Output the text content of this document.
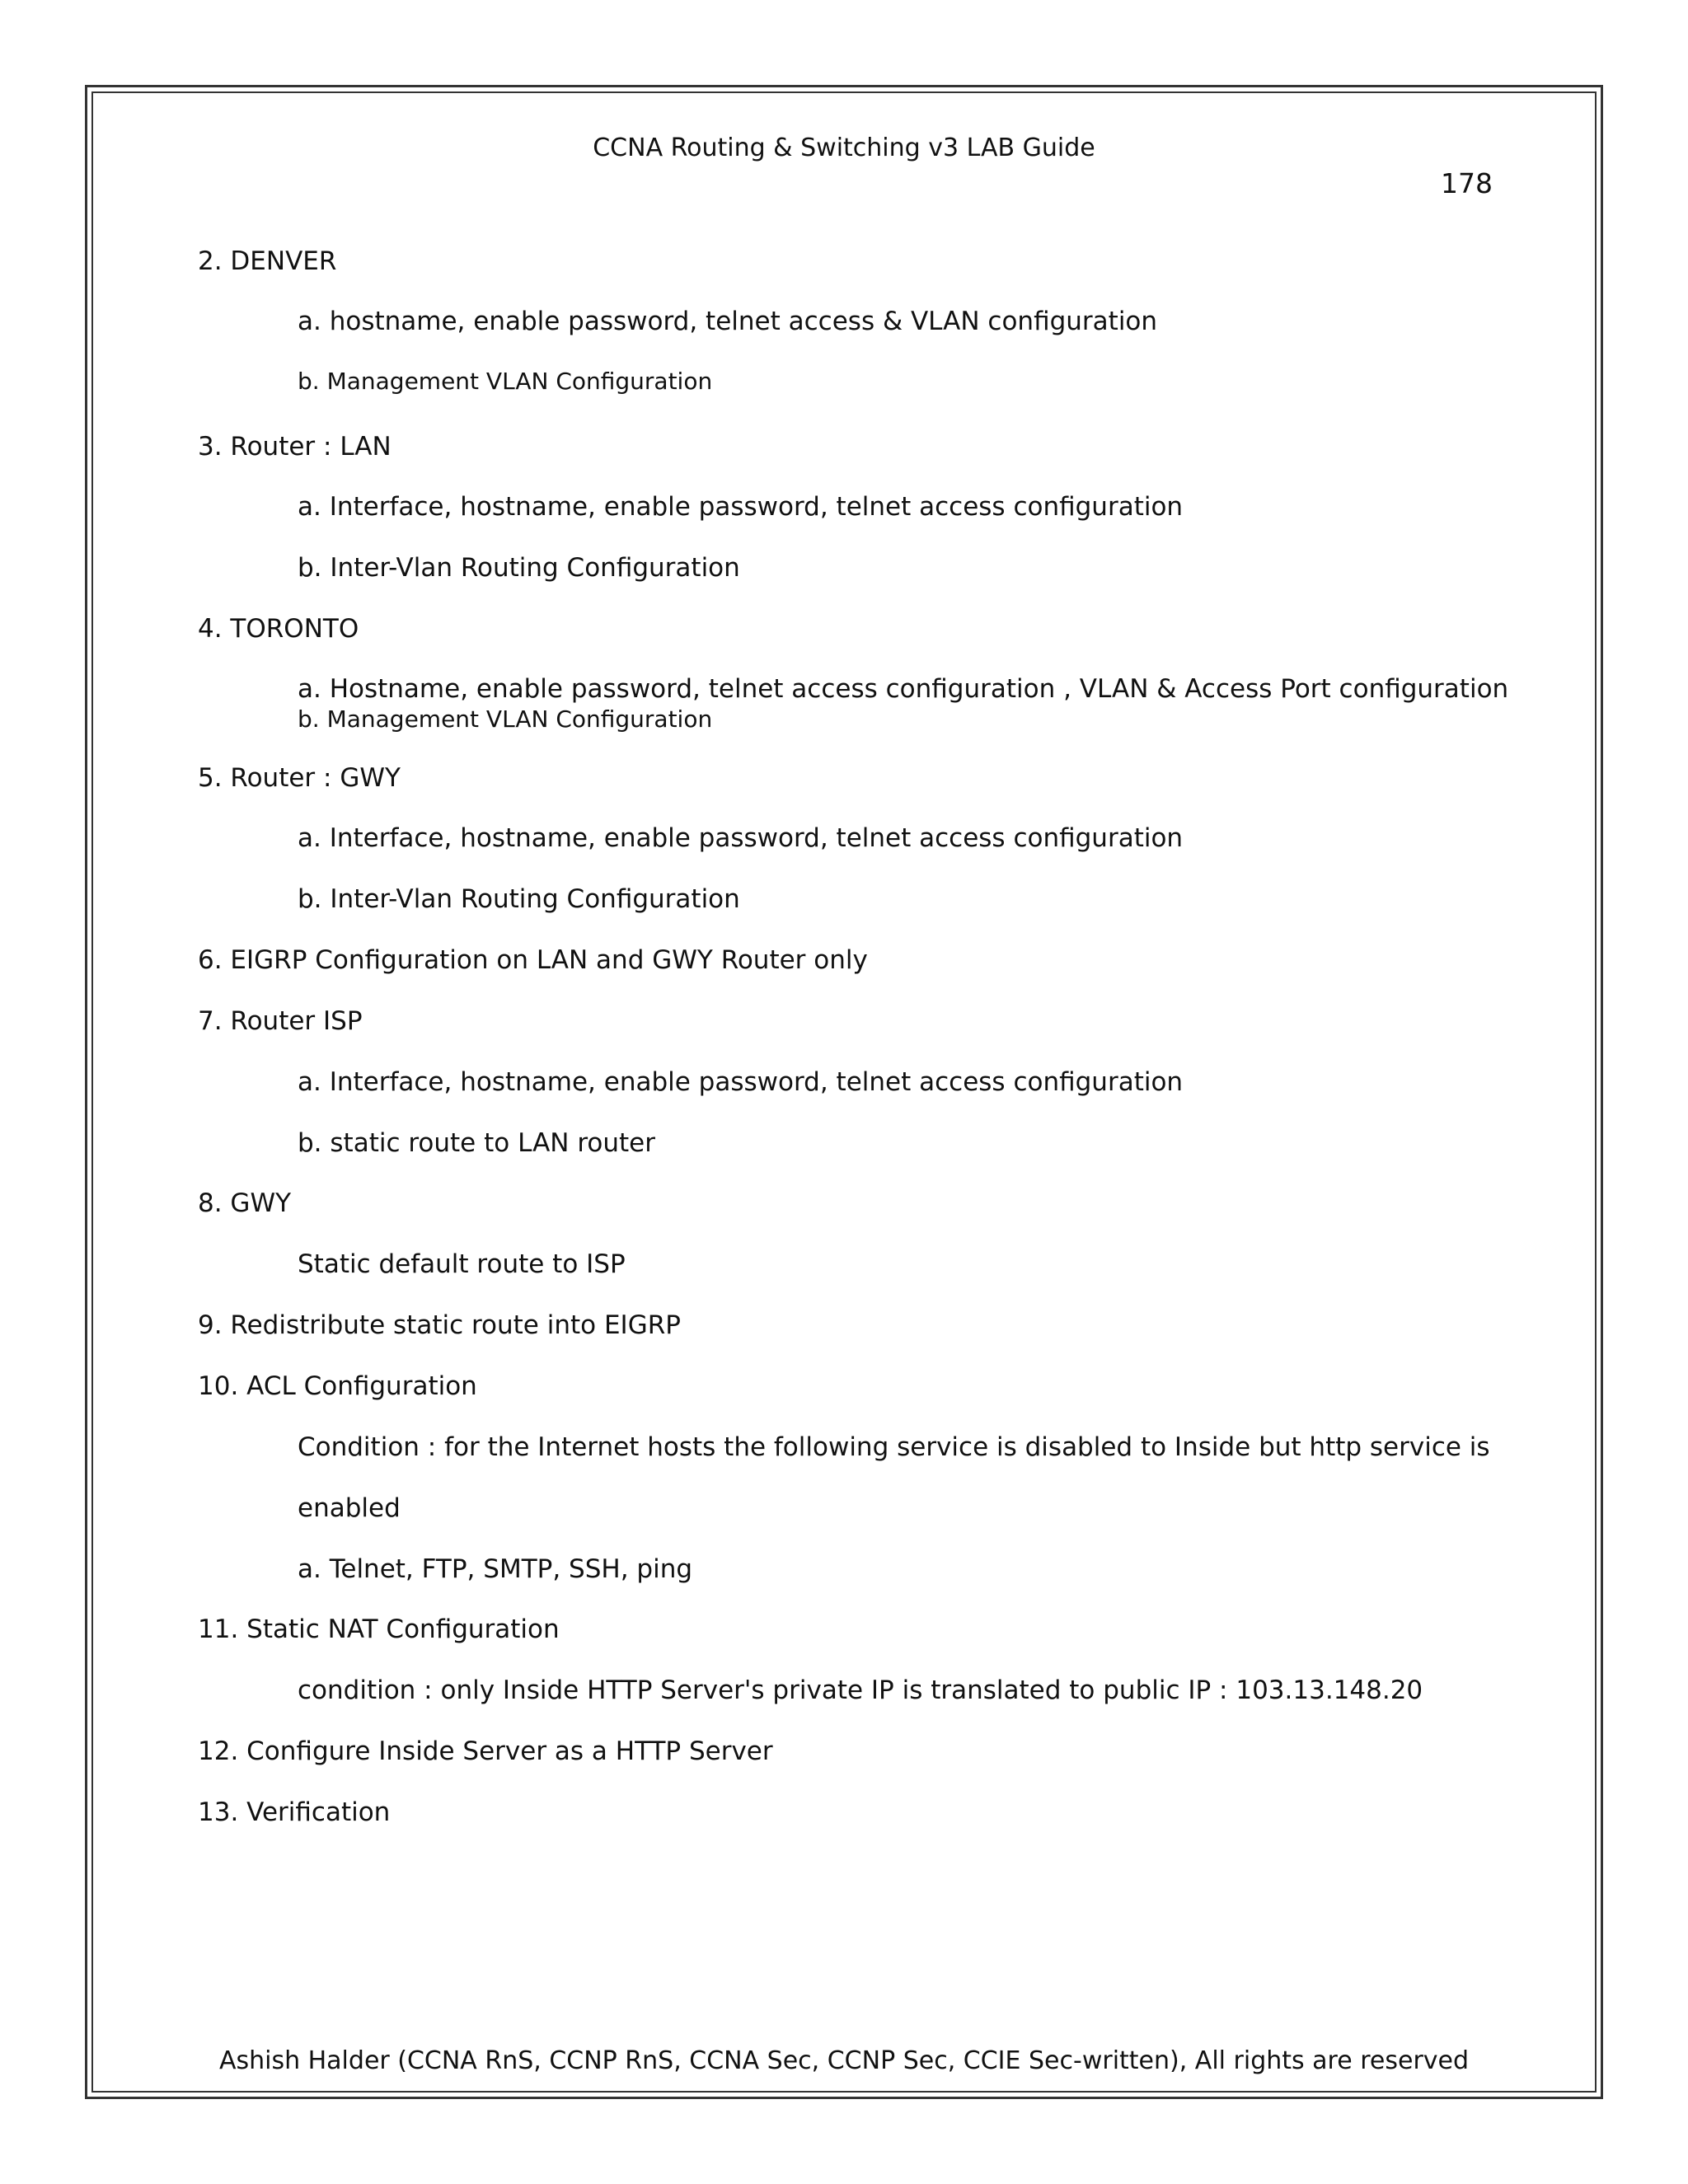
CCNA Routing & Switching v3 LAB Guide
178
2. DENVER
a. hostname, enable password, telnet access & VLAN configuration
b. Management VLAN Configuration
3. Router : LAN
a. Interface, hostname, enable password, telnet access configuration
b. Inter-Vlan Routing Configuration
4. TORONTO
a. Hostname, enable password, telnet access configuration , VLAN & Access Port configuration
b. Management VLAN Configuration
5. Router : GWY
a. Interface, hostname, enable password, telnet access configuration
b. Inter-Vlan Routing Configuration
6. EIGRP Configuration on LAN and GWY Router only
7. Router ISP
a. Interface, hostname, enable password, telnet access configuration
b. static route to LAN router
8. GWY
Static default route to ISP
9. Redistribute static route into EIGRP
10. ACL Configuration
Condition : for the Internet hosts the following service is disabled to Inside but http service is
enabled
a. Telnet, FTP, SMTP, SSH, ping
11. Static NAT Configuration
condition : only Inside HTTP Server's private IP is translated to public IP : 103.13.148.20
12. Configure Inside Server as a HTTP Server
13. Verification
Ashish Halder (CCNA RnS, CCNP RnS, CCNA Sec, CCNP Sec, CCIE Sec-written), All rights are reserved
